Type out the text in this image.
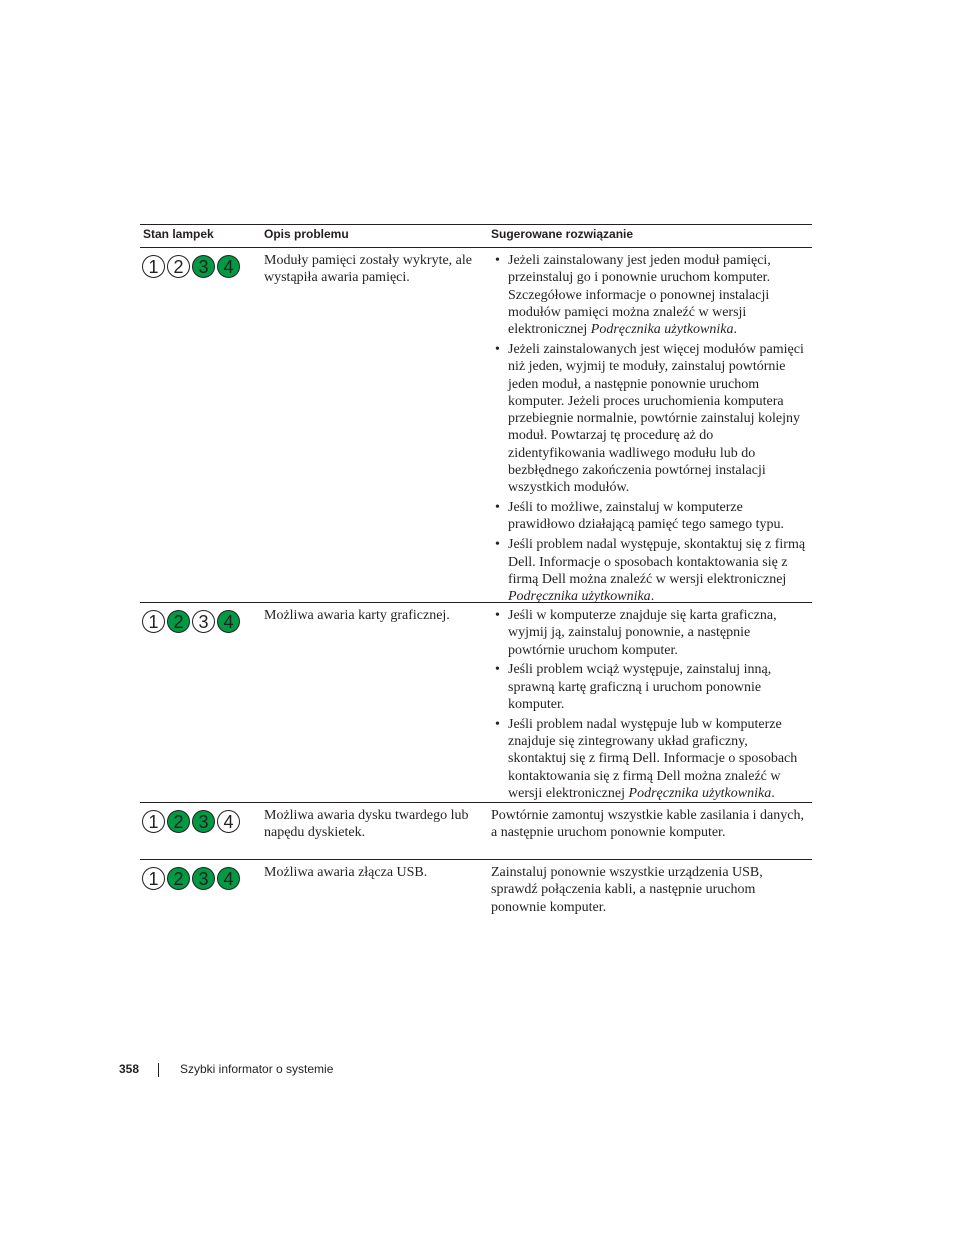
Stan lampek	Opis problemu	Sugerowane rozwiązanie
1 2 3 4	Moduły pamięci zostały wykryte, ale wystąpiła awaria pamięci.
• Jeżeli zainstalowany jest jeden moduł pamięci, przeinstaluj go i ponownie uruchom komputer. Szczegółowe informacje o ponownej instalacji modułów pamięci można znaleźć w wersji elektronicznej Podręcznika użytkownika.
• Jeżeli zainstalowanych jest więcej modułów pamięci niż jeden, wyjmij te moduły, zainstaluj powtórnie jeden moduł, a następnie ponownie uruchom komputer. Jeżeli proces uruchomienia komputera przebiegnie normalnie, powtórnie zainstaluj kolejny moduł. Powtarzaj tę procedurę aż do zidentyfikowania wadliwego modułu lub do bezbłędnego zakończenia powtórnej instalacji wszystkich modułów.
• Jeśli to możliwe, zainstaluj w komputerze prawidłowo działającą pamięć tego samego typu.
• Jeśli problem nadal występuje, skontaktuj się z firmą Dell. Informacje o sposobach kontaktowania się z firmą Dell można znaleźć w wersji elektronicznej Podręcznika użytkownika.
1 2 3 4	Możliwa awaria karty graficznej.
•	Jeśli w komputerze znajduje się karta graficzna, wyjmij ją, zainstaluj ponownie, a następnie powtórnie uruchom komputer.
• Jeśli problem wciąż występuje, zainstaluj inną, sprawną kartę graficzną i uruchom ponownie komputer.
• Jeśli problem nadal występuje lub w komputerze znajduje się zintegrowany układ graficzny, skontaktuj się z firmą Dell. Informacje o sposobach kontaktowania się z firmą Dell można znaleźć w wersji elektronicznej Podręcznika użytkownika.
1 2 3 4	Możliwa awaria dysku twardego lub napędu dyskietek.
Powtórnie zamontuj wszystkie kable zasilania i danych, a następnie uruchom ponownie komputer.
1 2 3 4	Możliwa awaria złącza USB.	Zainstaluj ponownie wszystkie urządzenia USB, sprawdź połączenia kabli, a następnie uruchom ponownie komputer.
358	Szybki informator o systemie
